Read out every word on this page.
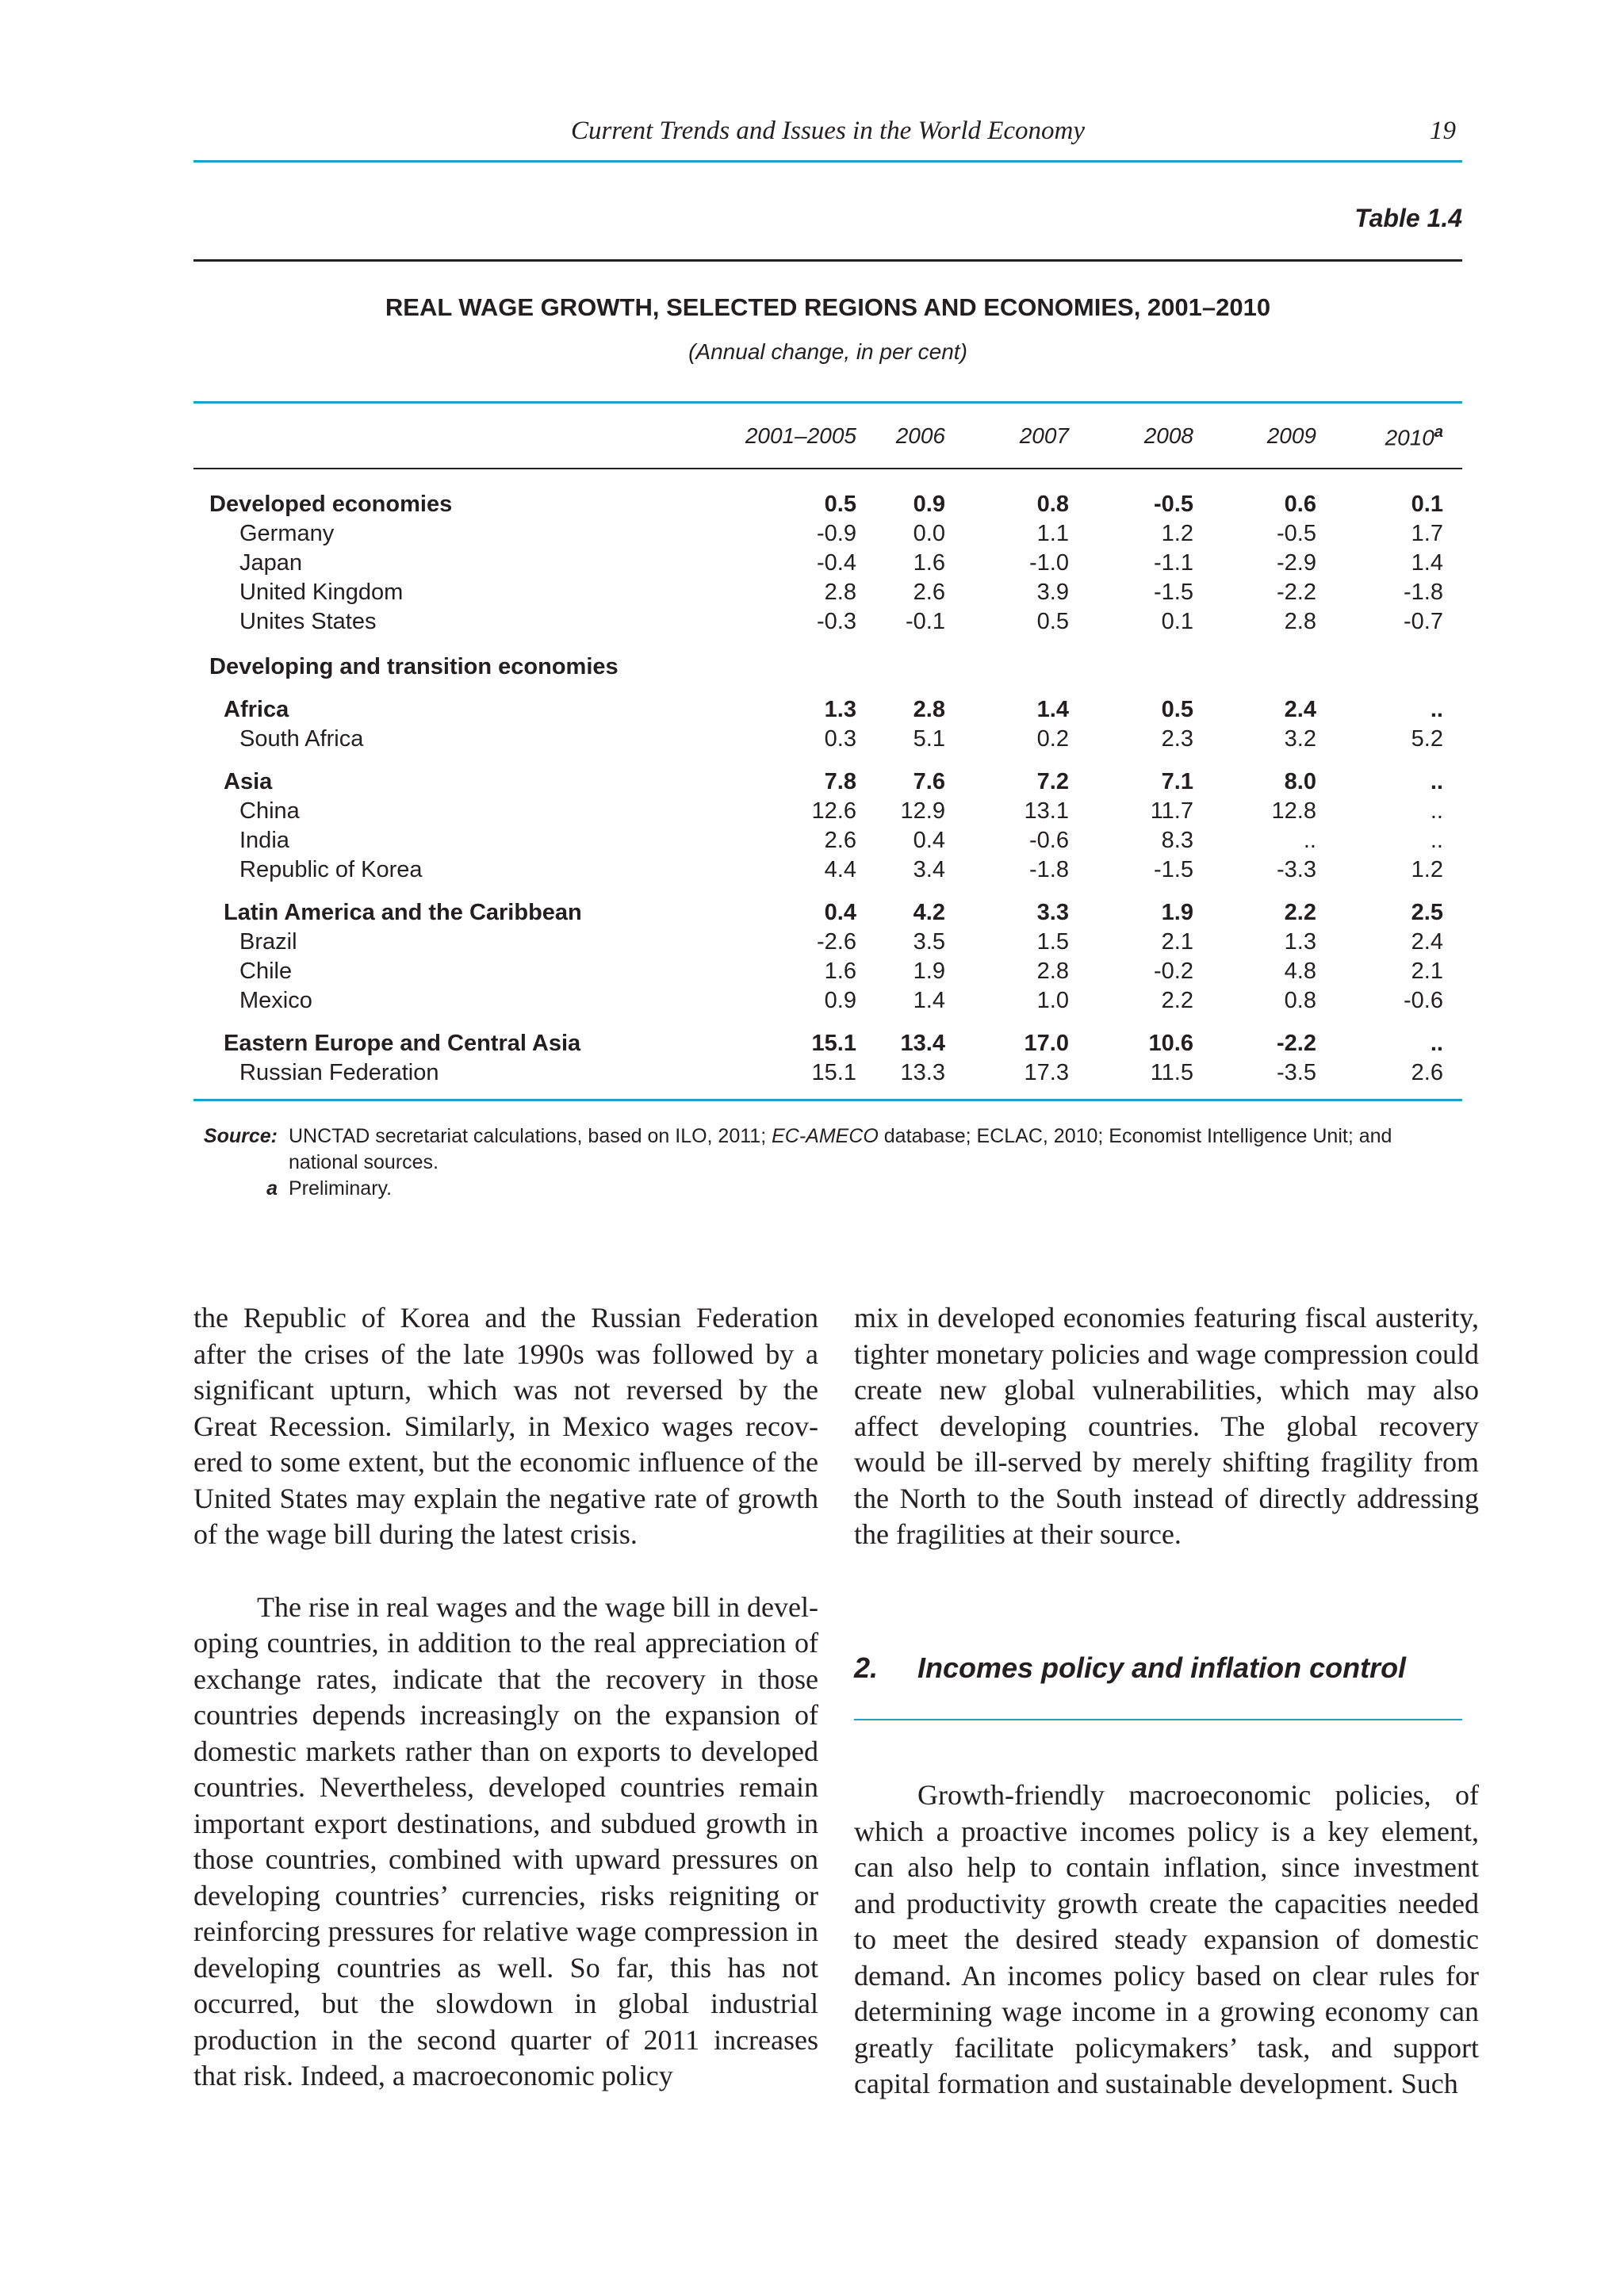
Current Trends and Issues in the World Economy	19
Table 1.4
REAL WAGE GROWTH, SELECTED REGIONS AND ECONOMIES, 2001–2010
(Annual change, in per cent)
2001–2005	2006	2007	2008	2009	2010$^a$
Developed economies	0.5	0.9	0.8	-0.5	0.6	0.1
Germany	-0.9	0.0	1.1	1.2	-0.5	1.7
Japan	-0.4	1.6	-1.0	-1.1	-2.9	1.4
United Kingdom	2.8	2.6	3.9	-1.5	-2.2	-1.8
Unites States	-0.3	-0.1	0.5	0.1	2.8	-0.7
Developing and transition economies
Africa	1.3	2.8	1.4	0.5	2.4	..
South Africa	0.3	5.1	0.2	2.3	3.2	5.2
Asia	7.8	7.6	7.2	7.1	8.0	..
China	12.6	12.9	13.1	11.7	12.8	..
India	2.6	0.4	-0.6	8.3	..	..
Republic of Korea	4.4	3.4	-1.8	-1.5	-3.3	1.2
Latin America and the Caribbean	0.4	4.2	3.3	1.9	2.2	2.5
Brazil	-2.6	3.5	1.5	2.1	1.3	2.4
Chile	1.6	1.9	2.8	-0.2	4.8	2.1
Mexico	0.9	1.4	1.0	2.2	0.8	-0.6
Eastern Europe and Central Asia	15.1	13.4	17.0	10.6	-2.2	..
Russian Federation	15.1	13.3	17.3	11.5	-3.5	2.6
Source: UNCTAD secretariat calculations, based on ILO, 2011; EC-AMECO database; ECLAC, 2010; Economist Intelligence Unit; and national sources.
a Preliminary.

the Republic of Korea and the Russian Federation after the crises of the late 1990s was followed by a significant upturn, which was not reversed by the Great Recession. Similarly, in Mexico wages recovered to some extent, but the economic influence of the United States may explain the negative rate of growth of the wage bill during the latest crisis.

The rise in real wages and the wage bill in developing countries, in addition to the real appreciation of exchange rates, indicate that the recovery in those countries depends increasingly on the expansion of domestic markets rather than on exports to developed countries. Nevertheless, developed countries remain important export destinations, and subdued growth in those countries, combined with upward pressures on developing countries’ currencies, risks reigniting or reinforcing pressures for relative wage compression in developing countries as well. So far, this has not occurred, but the slowdown in global industrial production in the second quarter of 2011 increases that risk. Indeed, a macroeconomic policy

mix in developed economies featuring fiscal austerity, tighter monetary policies and wage compression could create new global vulnerabilities, which may also affect developing countries. The global recovery would be ill-served by merely shifting fragility from the North to the South instead of directly addressing the fragilities at their source.

2. Incomes policy and inflation control

Growth-friendly macroeconomic policies, of which a proactive incomes policy is a key element, can also help to contain inflation, since investment and productivity growth create the capacities needed to meet the desired steady expansion of domestic demand. An incomes policy based on clear rules for determining wage income in a growing economy can greatly facilitate policymakers’ task, and support capital formation and sustainable development. Such
